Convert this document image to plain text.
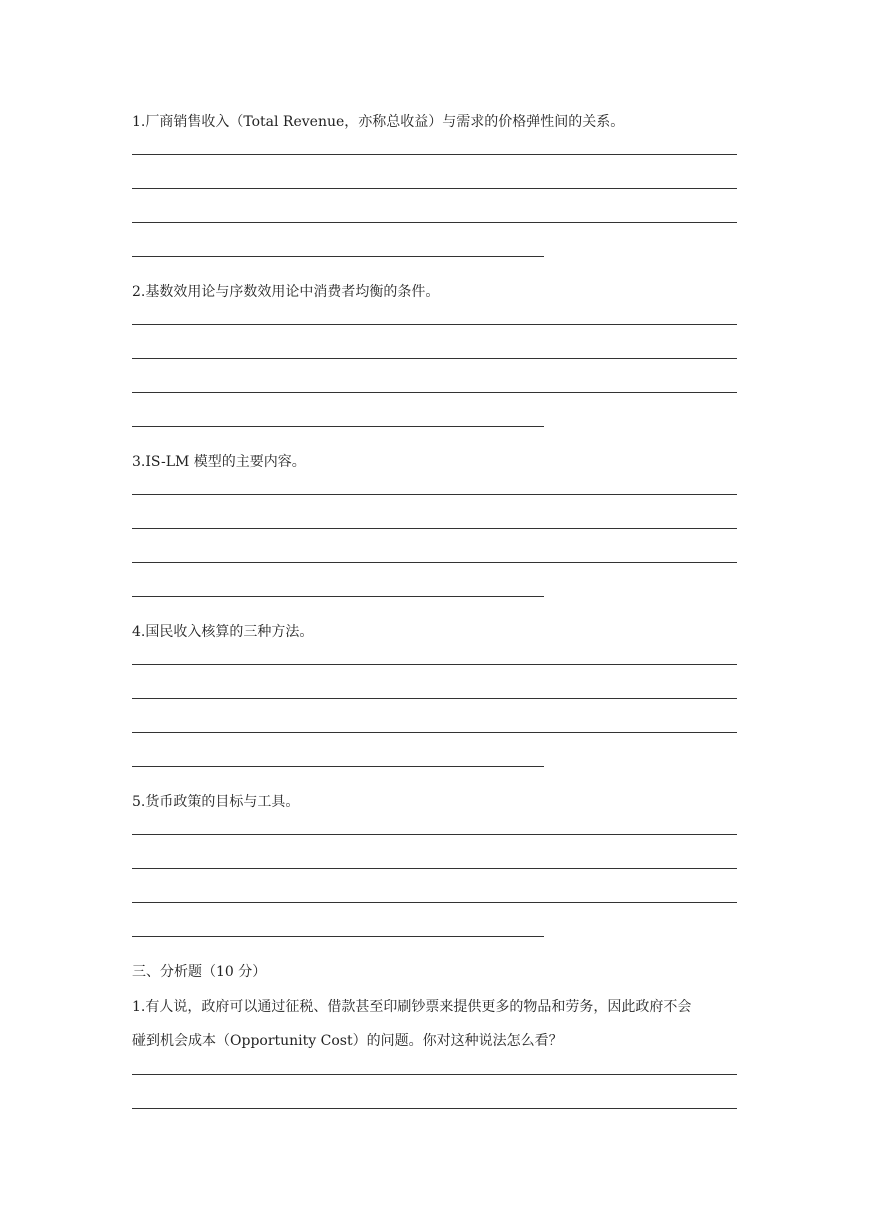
1.厂商销售收入（Total Revenue，亦称总收益）与需求的价格弹性间的关系。

2.基数效用论与序数效用论中消费者均衡的条件。

3.IS-LM 模型的主要内容。

4.国民收入核算的三种方法。

5.货币政策的目标与工具。

三、分析题（10 分）

1.有人说，政府可以通过征税、借款甚至印刷钞票来提供更多的物品和劳务，因此政府不会

碰到机会成本（Opportunity Cost）的问题。你对这种说法怎么看？
